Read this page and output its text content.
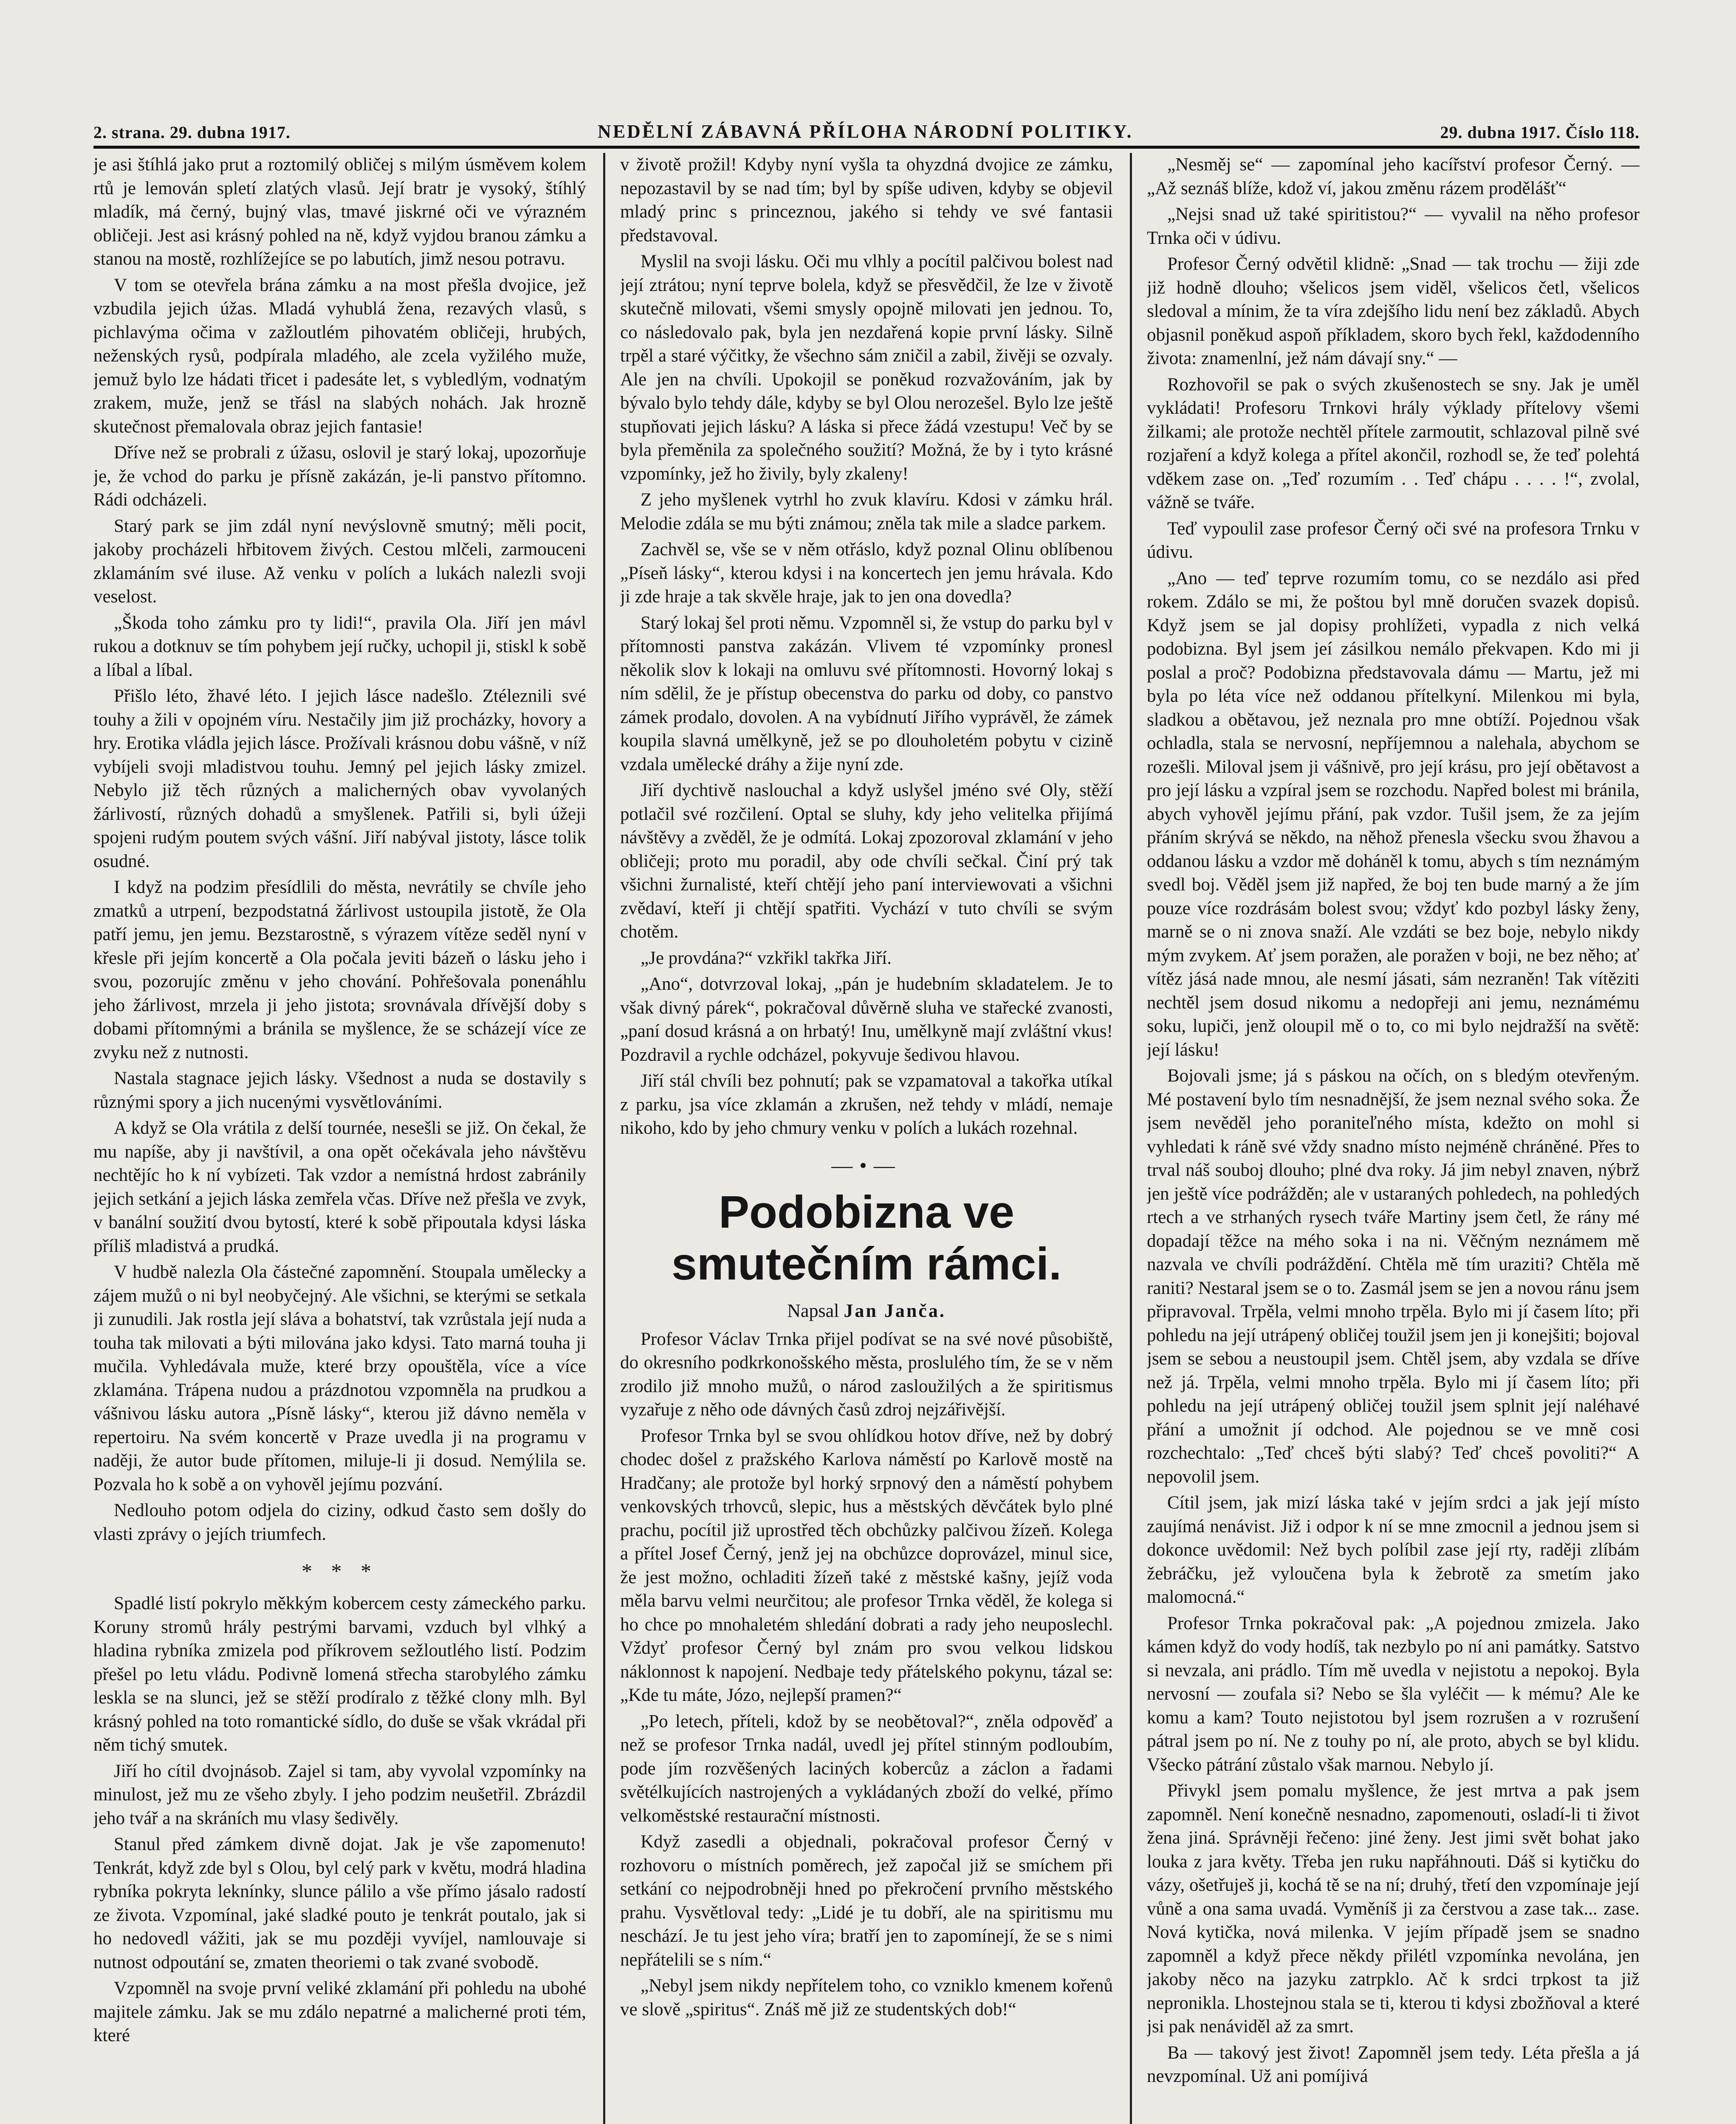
2. strana. 29. dubna 1917.	NEDĚLNÍ ZÁBAVNÁ PŘÍLOHA NÁRODNÍ POLITIKY.	29. dubna 1917. Číslo 118.

je asi štíhlá jako prut a roztomilý obličej s milým úsměvem kolem rtů je lemován spletí zlatých vlasů. Její bratr je vysoký, štíhlý mladík, má černý, bujný vlas, tmavé jiskrné oči ve výrazném obličeji. Jest asi krásný pohled na ně, když vyjdou branou zámku a stanou na mostě, rozhlížejíce se po labutích, jimž nesou potravu.

V tom se otevřela brána zámku a na most přešla dvojice, jež vzbudila jejich úžas. Mladá vyhublá žena, rezavých vlasů, s pichlavýma očima v zažloutlém pihovatém obličeji, hrubých, neženských rysů, podpírala mladého, ale zcela vyžilého muže, jemuž bylo lze hádati třicet i padesáte let, s vybledlým, vodnatým zrakem, muže, jenž se třásl na slabých nohách. Jak hrozně skutečnost přemalovala obraz jejich fantasie!

Dříve než se probrali z úžasu, oslovil je starý lokaj, upozorňuje je, že vchod do parku je přísně zakázán, je-li panstvo přítomno. Rádi odcházeli.

Starý park se jim zdál nyní nevýslovně smutný; měli pocit, jakoby procházeli hřbitovem živých. Cestou mlčeli, zarmouceni zklamáním své iluse. Až venku v polích a lukách nalezli svoji veselost.

„Škoda toho zámku pro ty lidi!“, pravila Ola. Jiří jen mávl rukou a dotknuv se tím pohybem její ručky, uchopil ji, stiskl k sobě a líbal a líbal.

Přišlo léto, žhavé léto. I jejich lásce nadešlo. Ztéleznili své touhy a žili v opojném víru. Nestačily jim již procházky, hovory a hry. Erotika vládla jejich lásce. Prožívali krásnou dobu vášně, v níž vybíjeli svoji mladistvou touhu. Jemný pel jejich lásky zmizel. Nebylo již těch různých a malicherných obav vyvolaných žárlivostí, různých dohadů a smyšlenek. Patřili si, byli úžeji spojeni rudým poutem svých vášní. Jiří nabýval jistoty, lásce tolik osudné.

I když na podzim přesídlili do města, nevrátily se chvíle jeho zmatků a utrpení, bezpodstatná žárlivost ustoupila jistotě, že Ola patří jemu, jen jemu. Bezstarostně, s výrazem vítěze seděl nyní v křesle při jejím koncertě a Ola počala jeviti bázeň o lásku jeho i svou, pozorujíc změnu v jeho chování. Pohřešovala ponenáhlu jeho žárlivost, mrzela ji jeho jistota; srovnávala dřívější doby s dobami přítomnými a bránila se myšlence, že se scházejí více ze zvyku než z nutnosti.

Nastala stagnace jejich lásky. Všednost a nuda se dostavily s různými spory a jich nucenými vysvětlováními.

A když se Ola vrátila z delší tournée, nesešli se již. On čekal, že mu napíše, aby ji navštívil, a ona opět očekávala jeho návštěvu nechtějíc ho k ní vybízeti. Tak vzdor a nemístná hrdost zabránily jejich setkání a jejich láska zemřela včas. Dříve než přešla ve zvyk, v banální soužití dvou bytostí, které k sobě připoutala kdysi láska příliš mladistvá a prudká.

V hudbě nalezla Ola částečné zapomnění. Stoupala umělecky a zájem mužů o ni byl neobyčejný. Ale všichni, se kterými se setkala ji zunudili. Jak rostla její sláva a bohatství, tak vzrůstala její nuda a touha tak milovati a býti milována jako kdysi. Tato marná touha ji mučila. Vyhledávala muže, které brzy opouštěla, více a více zklamána. Trápena nudou a prázdnotou vzpomněla na prudkou a vášnivou lásku autora „Písně lásky“, kterou již dávno neměla v repertoiru. Na svém koncertě v Praze uvedla ji na programu v naději, že autor bude přítomen, miluje-li ji dosud. Nemýlila se. Pozvala ho k sobě a on vyhověl jejímu pozvání.

Nedlouho potom odjela do ciziny, odkud často sem došly do vlasti zprávy o jejích triumfech.

* * *

Spadlé listí pokrylo měkkým kobercem cesty zámeckého parku. Koruny stromů hrály pestrými barvami, vzduch byl vlhký a hladina rybníka zmizela pod příkrovem sežloutlého listí. Podzim přešel po letu vládu. Podivně lomená střecha starobylého zámku leskla se na slunci, jež se stěží prodíralo z těžké clony mlh. Byl krásný pohled na toto romantické sídlo, do duše se však vkrádal při něm tichý smutek.

Jiří ho cítil dvojnásob. Zajel si tam, aby vyvolal vzpomínky na minulost, jež mu ze všeho zbyly. I jeho podzim neušetřil. Zbrázdil jeho tvář a na skráních mu vlasy šedivěly.

Stanul před zámkem divně dojat. Jak je vše zapomenuto! Tenkrát, když zde byl s Olou, byl celý park v květu, modrá hladina rybníka pokryta leknínky, slunce pálilo a vše přímo jásalo radostí ze života. Vzpomínal, jaké sladké pouto je tenkrát poutalo, jak si ho nedovedl vážiti, jak se mu později vyvíjel, namlouvaje si nutnost odpoutání se, zmaten theoriemi o tak zvané svobodě.

Vzpomněl na svoje první veliké zklamání při pohledu na ubohé majitele zámku. Jak se mu zdálo nepatrné a malicherné proti tém, které

v životě prožil! Kdyby nyní vyšla ta ohyzdná dvojice ze zámku, nepozastavil by se nad tím; byl by spíše udiven, kdyby se objevil mladý princ s princeznou, jakého si tehdy ve své fantasii představoval.

Myslil na svoji lásku. Oči mu vlhly a pocítil palčivou bolest nad její ztrátou; nyní teprve bolela, když se přesvědčil, že lze v životě skutečně milovati, všemi smysly opojně milovati jen jednou. To, co následovalo pak, byla jen nezdařená kopie první lásky. Silně trpěl a staré výčitky, že všechno sám zničil a zabil, živěji se ozvaly. Ale jen na chvíli. Upokojil se poněkud rozvažováním, jak by bývalo bylo tehdy dále, kdyby se byl Olou nerozešel. Bylo lze ještě stupňovati jejich lásku? A láska si přece žádá vzestupu! Več by se byla přeměnila za společného soužití? Možná, že by i tyto krásné vzpomínky, jež ho živily, byly zkaleny!

Z jeho myšlenek vytrhl ho zvuk klavíru. Kdosi v zámku hrál. Melodie zdála se mu býti známou; zněla tak mile a sladce parkem.

Zachvěl se, vše se v něm otřáslo, když poznal Olinu oblíbenou „Píseň lásky“, kterou kdysi i na koncertech jen jemu hrávala. Kdo ji zde hraje a tak skvěle hraje, jak to jen ona dovedla?

Starý lokaj šel proti němu. Vzpomněl si, že vstup do parku byl v přítomnosti panstva zakázán. Vlivem té vzpomínky pronesl několik slov k lokaji na omluvu své přítomnosti. Hovorný lokaj s ním sdělil, že je přístup obecenstva do parku od doby, co panstvo zámek prodalo, dovolen. A na vybídnutí Jiřího vyprávěl, že zámek koupila slavná umělkyně, jež se po dlouholetém pobytu v cizině vzdala umělecké dráhy a žije nyní zde.

Jiří dychtivě naslouchal a když uslyšel jméno své Oly, stěží potlačil své rozčilení. Optal se sluhy, kdy jeho velitelka přijímá návštěvy a zvěděl, že je odmítá. Lokaj zpozoroval zklamání v jeho obličeji; proto mu poradil, aby ode chvíli sečkal. Činí prý tak všichni žurnalisté, kteří chtějí jeho paní interviewovati a všichni zvědaví, kteří ji chtějí spatřiti. Vychází v tuto chvíli se svým chotěm.

„Je provdána?“ vzkřikl takřka Jiří.

„Ano“, dotvrzoval lokaj, „pán je hudebním skladatelem. Je to však divný párek“, pokračoval důvěrně sluha ve stařecké zvanosti, „paní dosud krásná a on hrbatý! Inu, umělkyně mají zvláštní vkus! Pozdravil a rychle odcházel, pokyvuje šedivou hlavou.

Jiří stál chvíli bez pohnutí; pak se vzpamatoval a takořka utíkal z parku, jsa více zklamán a zkrušen, než tehdy v mládí, nemaje nikoho, kdo by jeho chmury venku v polích a lukách rozehnal.

—•—
Podobizna ve smutečním rámci.
Napsal Jan Janča.

Profesor Václav Trnka přijel podívat se na své nové působiště, do okresního podkrkonošského města, proslulého tím, že se v něm zrodilo již mnoho mužů, o národ zasloužilých a že spiritismus vyzařuje z něho ode dávných časů zdroj nejzářivější.

Profesor Trnka byl se svou ohlídkou hotov dříve, než by dobrý chodec došel z pražského Karlova náměstí po Karlově mostě na Hradčany; ale protože byl horký srpnový den a náměstí pohybem venkovských trhovců, slepic, hus a městských děvčátek bylo plné prachu, pocítil již uprostřed těch obchůzky palčivou žízeň. Kolega a přítel Josef Černý, jenž jej na obchůzce doprovázel, minul sice, že jest možno, ochladiti žízeň také z městské kašny, jejíž voda měla barvu velmi neurčitou; ale profesor Trnka věděl, že kolega si ho chce po mnohaletém shledání dobrati a rady jeho neuposlechl. Vždyť profesor Černý byl znám pro svou velkou lidskou náklonnost k napojení. Nedbaje tedy přátelského pokynu, tázal se: „Kde tu máte, Józo, nejlepší pramen?“

„Po letech, příteli, kdož by se neobětoval?“, zněla odpověď a než se profesor Trnka nadál, uvedl jej přítel stinným podloubím, pode jím rozvěšených laciných kobercůz a záclon a řadami světélkujících nastrojených a vykládaných zboží do velké, přímo velkoměstské restaurační místnosti.

Když zasedli a objednali, pokračoval profesor Černý v rozhovoru o místních poměrech, jež započal již se smíchem při setkání co nejpodrobněji hned po překročení prvního městského prahu. Vysvětloval tedy: „Lidé je tu dobří, ale na spiritismu mu neschází. Je tu jest jeho víra; bratří jen to zapomínejí, že se s nimi nepřátelili se s ním.“

„Nebyl jsem nikdy nepřítelem toho, co vzniklo kmenem kořenů ve slově „spiritus“. Znáš mě již ze studentských dob!“

„Nesměj se“ — zapomínal jeho kacířství profesor Černý. — „Až seznáš blíže, kdož ví, jakou změnu rázem prodělášť“

„Nejsi snad už také spiritistou?“ — vyvalil na něho profesor Trnka oči v údivu.

Profesor Černý odvětil klidně: „Snad — tak trochu — žiji zde již hodně dlouho; všelicos jsem viděl, všelicos četl, všelicos sledoval a mínim, že ta víra zdejšího lidu není bez základů. Abych objasnil poněkud aspoň příkladem, skoro bych řekl, každodenního života: znamenlní, jež nám dávají sny.“ —

Rozhovořil se pak o svých zkušenostech se sny. Jak je uměl vykládati! Profesoru Trnkovi hrály výklady přítelovy všemi žilkami; ale protože nechtěl přítele zarmoutit, schlazoval pilně své rozjaření a když kolega a přítel akončil, rozhodl se, že teď polehtá vděkem zase on. „Teď rozumím . . Teď chápu . . . . !“, zvolal, vážně se tváře.

Teď vypoulil zase profesor Černý oči své na profesora Trnku v údivu.

„Ano — teď teprve rozumím tomu, co se nezdálo asi před rokem. Zdálo se mi, že poštou byl mně doručen svazek dopisů. Když jsem se jal dopisy prohlížeti, vypadla z nich velká podobizna. Byl jsem jeí zásilkou nemálo překvapen. Kdo mi ji poslal a proč? Podobizna představovala dámu — Martu, jež mi byla po léta více než oddanou přítelkyní. Milenkou mi byla, sladkou a obětavou, jež neznala pro mne obtíží. Pojednou však ochladla, stala se nervosní, nepříjemnou a nalehala, abychom se rozešli. Miloval jsem ji vášnivě, pro její krásu, pro její obětavost a pro její lásku a vzpíral jsem se rozchodu. Napřed bolest mi bránila, abych vyhověl jejímu přání, pak vzdor. Tušil jsem, že za jejím přáním skrývá se někdo, na něhož přenesla všecku svou žhavou a oddanou lásku a vzdor mě doháněl k tomu, abych s tím neznámým svedl boj. Věděl jsem již napřed, že boj ten bude marný a že jím pouze více rozdrásám bolest svou; vždyť kdo pozbyl lásky ženy, marně se o ni znova snaží. Ale vzdáti se bez boje, nebylo nikdy mým zvykem. Ať jsem poražen, ale poražen v boji, ne bez něho; ať vítěz jásá nade mnou, ale nesmí jásati, sám nezraněn! Tak vítěziti nechtěl jsem dosud nikomu a nedopřeji ani jemu, neznámému soku, lupiči, jenž oloupil mě o to, co mi bylo nejdražší na světě: její lásku!

Bojovali jsme; já s páskou na očích, on s bledým otevřeným. Mé postavení bylo tím nesnadnější, že jsem neznal svého soka. Že jsem nevěděl jeho poraniteľného místa, kdežto on mohl si vyhledati k ráně své vždy snadno místo nejméně chráněné. Přes to trval náš souboj dlouho; plné dva roky. Já jim nebyl znaven, nýbrž jen ještě více podrážděn; ale v ustaraných pohledech, na pohledých rtech a ve strhaných rysech tváře Martiny jsem četl, že rány mé dopadají těžce na mého soka i na ni. Věčným neznámem mě nazvala ve chvíli podráždění. Chtěla mě tím uraziti? Chtěla mě raniti? Nestaral jsem se o to. Zasmál jsem se jen a novou ránu jsem připravoval. Trpěla, velmi mnoho trpěla. Bylo mi jí časem líto; při pohledu na její utrápený obličej toužil jsem jen ji konejšiti; bojoval jsem se sebou a neustoupil jsem. Chtěl jsem, aby vzdala se dříve než já. Trpěla, velmi mnoho trpěla. Bylo mi jí časem líto; při pohledu na její utrápený obličej toužil jsem splnit její naléhavé přání a umožnit jí odchod. Ale pojednou se ve mně cosi rozchechtalo: „Teď chceš býti slabý? Teď chceš povoliti?“ A nepovolil jsem.

Cítil jsem, jak mizí láska také v jejím srdci a jak její místo zaujímá nenávist. Již i odpor k ní se mne zmocnil a jednou jsem si dokonce uvědomil: Než bych políbil zase její rty, raději zlíbám žebráčku, jež vyloučena byla k žebrotě za smetím jako malomocná.“

Profesor Trnka pokračoval pak: „A pojednou zmizela. Jako kámen když do vody hodíš, tak nezbylo po ní ani památky. Satstvo si nevzala, ani prádlo. Tím mě uvedla v nejistotu a nepokoj. Byla nervosní — zoufala si? Nebo se šla vyléčit — k mému? Ale ke komu a kam? Touto nejistotou byl jsem rozrušen a v rozrušení pátral jsem po ní. Ne z touhy po ní, ale proto, abych se byl klidu. Všecko pátrání zůstalo však marnou. Nebylo jí.

Přivykl jsem pomalu myšlence, že jest mrtva a pak jsem zapomněl. Není konečně nesnadno, zapomenouti, osladí-li ti život žena jiná. Správněji řečeno: jiné ženy. Jest jimi svět bohat jako louka z jara květy. Třeba jen ruku napřáhnouti. Dáš si kytičku do vázy, ošetřuješ ji, kochá tě se na ní; druhý, třetí den vzpomínaje její vůně a ona sama uvadá. Vyměníš ji za čerstvou a zase tak... zase. Nová kytička, nová milenka. V jejím případě jsem se snadno zapomněl a když přece někdy přilétl vzpomínka nevolána, jen jakoby něco na jazyku zatrpklo. Ač k srdci trpkost ta již nepronikla. Lhostejnou stala se ti, kterou ti kdysi zbožňoval a které jsi pak nenáviděl až za smrt.

Ba — takový jest život! Zapomněl jsem tedy. Léta přešla a já nevzpomínal. Už ani pomíjivá
